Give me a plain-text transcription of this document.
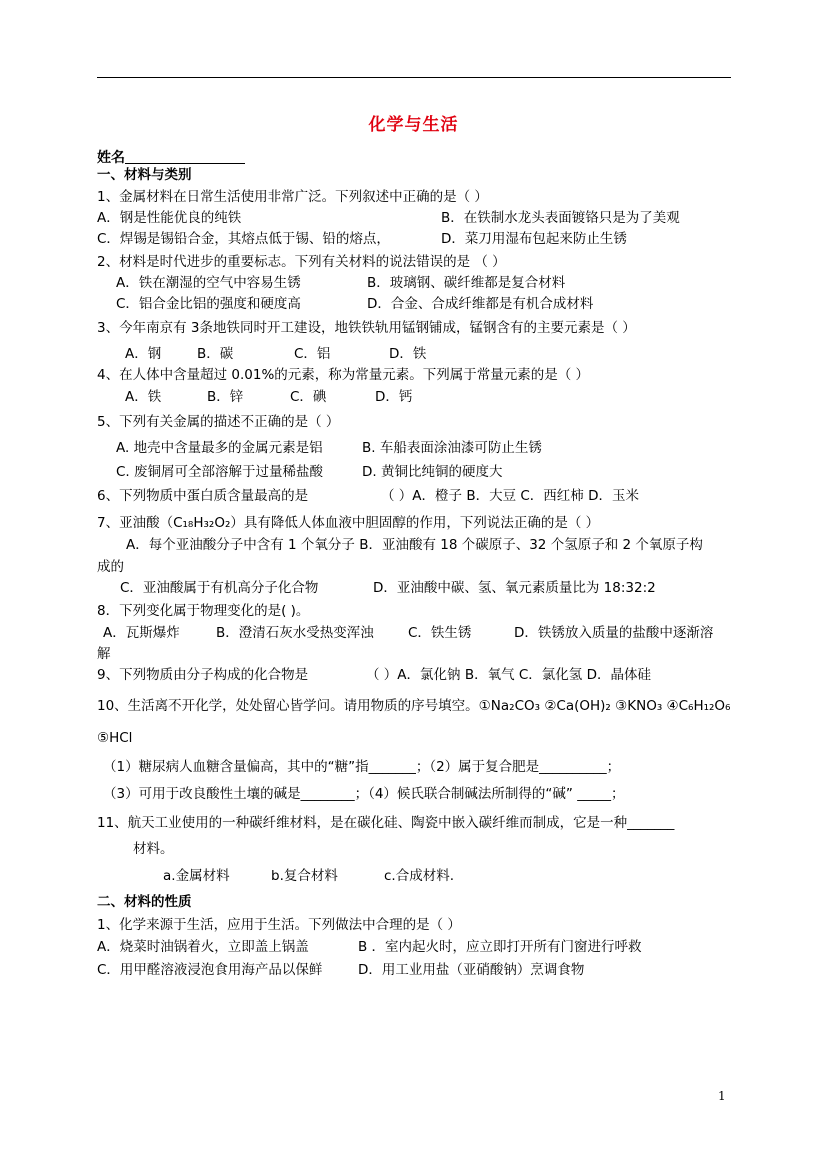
化学与生活
姓名
一、材料与类别
1、金属材料在日常生活使用非常广泛。下列叙述中正确的是（ ）
A．钢是性能优良的纯铁	B．在铁制水龙头表面镀铬只是为了美观
C．焊锡是锡铅合金，其熔点低于锡、铅的熔点，	D．菜刀用湿布包起来防止生锈
2、材料是时代进步的重要标志。下列有关材料的说法错误的是 （ ）
A．铁在潮湿的空气中容易生锈	B．玻璃钢、碳纤维都是复合材料
C．铝合金比铝的强度和硬度高	D．合金、合成纤维都是有机合成材料
3、今年南京有 3条地铁同时开工建设，地铁铁轨用锰钢铺成，锰钢含有的主要元素是（ ）
A．钢	B．碳	C．铝	D．铁
4、在人体中含量超过 0.01%的元素，称为常量元素。下列属于常量元素的是（ ）
A．铁	B．锌	C．碘	D．钙
5、下列有关金属的描述不正确的是（ ）
A. 地壳中含量最多的金属元素是铝	B. 车船表面涂油漆可防止生锈
C. 废铜屑可全部溶解于过量稀盐酸	D. 黄铜比纯铜的硬度大
6、下列物质中蛋白质含量最高的是	（ ）A．橙子 B．大豆 C．西红柿 D．玉米
7、亚油酸（C₁₈H₃₂O₂）具有降低人体血液中胆固醇的作用，下列说法正确的是（ ）
A．每个亚油酸分子中含有 1 个氧分子 B．亚油酸有 18 个碳原子、32 个氢原子和 2 个氧原子构
成的
C．亚油酸属于有机高分子化合物	D．亚油酸中碳、氢、氧元素质量比为 18:32:2
8．下列变化属于物理变化的是( )。
A．瓦斯爆炸	B．澄清石灰水受热变浑浊	C．铁生锈	D．铁锈放入质量的盐酸中逐渐溶
解
9、下列物质由分子构成的化合物是	（ ）A．氯化钠 B．氧气 C．氯化氢 D．晶体硅
10、生活离不开化学，处处留心皆学问。请用物质的序号填空。①Na₂CO₃ ②Ca(OH)₂ ③KNO₃ ④C₆H₁₂O₆
⑤HCl
（1）糖尿病人血糖含量偏高，其中的“糖”指_______；（2）属于复合肥是__________；
（3）可用于改良酸性土壤的碱是________；（4）候氏联合制碱法所制得的“碱” _____；
11、航天工业使用的一种碳纤维材料，是在碳化硅、陶瓷中嵌入碳纤维而制成，它是一种_______
材料。
a.金属材料	b.复合材料	c.合成材料.
二、材料的性质
1、化学来源于生活，应用于生活。下列做法中合理的是（ ）
A．烧菜时油锅着火，立即盖上锅盖	B ．室内起火时，应立即打开所有门窗进行呼救
C．用甲醛溶液浸泡食用海产品以保鲜	D．用工业用盐（亚硝酸钠）烹调食物
1
